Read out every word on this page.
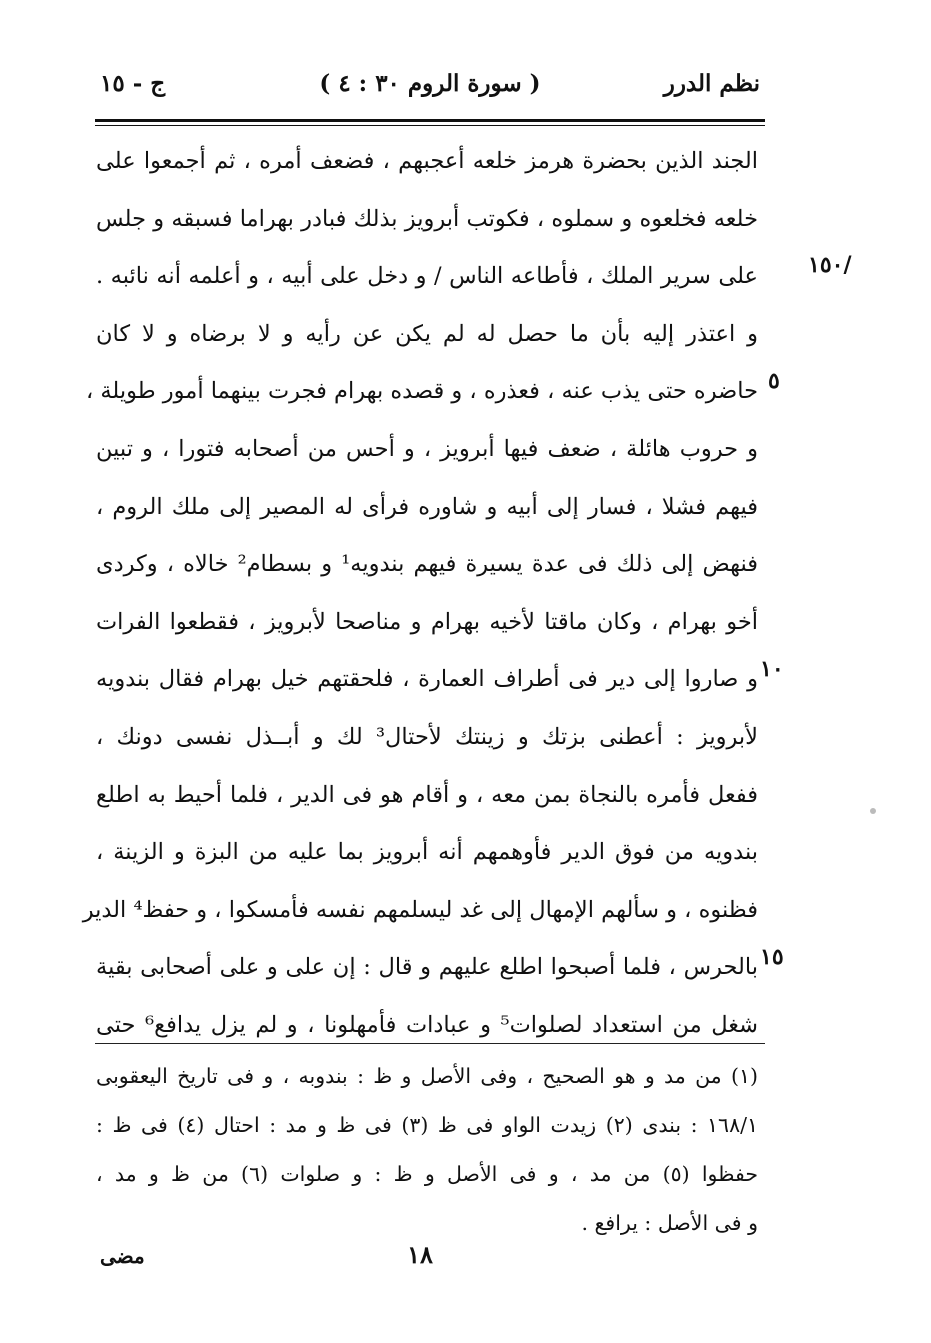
نظم الدرر
( سورة الروم ٣٠ : ٤ )
ج - ١٥
الجند الذين بحضرة هرمز خلعه أعجبهم ، فضعف أمره ، ثم أجمعوا على
خلعه فخلعوه و سملوه ، فكوتب أبرويز بذلك فبادر بهراما فسبقه و جلس
على سرير الملك ، فأطاعه الناس / و دخل على أبيه ، و أعلمه أنه نائبه .
و اعتذر إليه بأن ما حصل له لم يكن عن رأيه و لا برضاه و لا كان
حاضره حتى يذب عنه ، فعذره ، و قصده بهرام فجرت بينهما أمور طويلة ،
و حروب هائلة ، ضعف فيها أبرويز ، و أحس من أصحابه فتورا ، و تبين
فيهم فشلا ، فسار إلى أبيه و شاوره فرأى له المصير إلى ملك الروم ،
فنهض إلى ذلك فى عدة يسيرة فيهم بندويه¹ و بسطام² خالاه ، وكردى
أخو بهرام ، وكان ماقتا لأخيه بهرام و مناصحا لأبرويز ، فقطعوا الفرات
و صاروا إلى دير فى أطراف العمارة ، فلحقتهم خيل بهرام فقال بندويه
لأبرويز : أعطنى بزتك و زينتك لأحتال³ لك و أبــذل نفسى دونك ،
ففعل فأمره بالنجاة بمن معه ، و أقام هو فى الدير ، فلما أحيط به اطلع
بندويه من فوق الدير فأوهمهم أنه أبرويز بما عليه من البزة و الزينة ،
فظنوه ، و سألهم الإمهال إلى غد ليسلمهم نفسه فأمسكوا ، و حفظ⁴ الدير
بالحرس ، فلما أصبحوا اطلع عليهم و قال : إن على و على أصحابى بقية
شغل من استعداد لصلوات⁵ و عبادات فأمهلونا ، و لم يزل يدافع⁶ حتى
/١٥٠
٥
١٠
١٥
(١) من مد و هو الصحيح ، وفى الأصل و ظ : بندوبه ، و فى تاريخ اليعقوبى
١٦٨/١ : بندى (٢) زيدت الواو فى ظ (٣) فى ظ و مد : احتال (٤) فى ظ :
حفظوا (٥) من مد ، و فى الأصل و ظ : و صلوات (٦) من ظ و مد ،
و فى الأصل : يرافع .
١٨
مضى
